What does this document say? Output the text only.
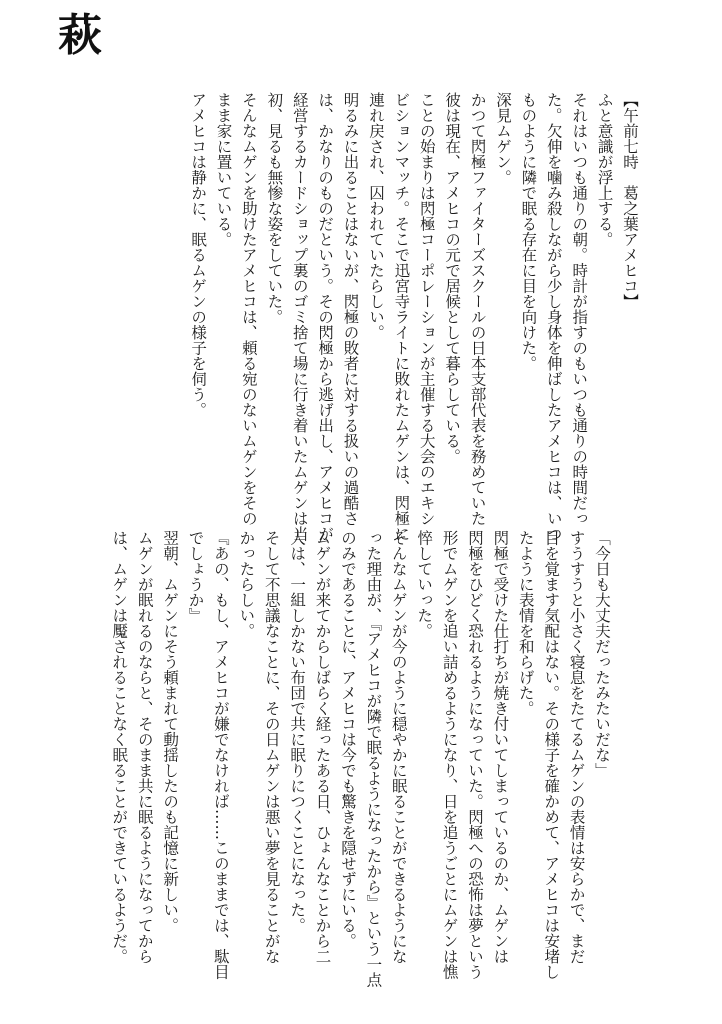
萩
【午前七時　葛之葉アメヒコ】
ふと意識が浮上する。
それはいつも通りの朝。時計が指すのもいつも通りの時間だっ
た。欠伸を噛み殺しながら少し身体を伸ばしたアメヒコは、いつ
ものように隣で眠る存在に目を向けた。
深見ムゲン。
かつて閃極ファイターズスクールの日本支部代表を務めていた
彼は現在、アメヒコの元で居候として暮らしている。
ことの始まりは閃極コーポレーションが主催する大会のエキシ
ビションマッチ。そこで迅宮寺ライトに敗れたムゲンは、閃極に
連れ戻され、囚われていたらしい。
明るみに出ることはないが、閃極の敗者に対する扱いの過酷さ
は、かなりのものだという。その閃極から逃げ出し、アメヒコが
経営するカードショップ裏のゴミ捨て場に行き着いたムゲンは当
初、見るも無惨な姿をしていた。
そんなムゲンを助けたアメヒコは、頼る宛のないムゲンをその
まま家に置いている。
アメヒコは静かに、眠るムゲンの様子を伺う。
「今日も大丈夫だったみたいだな」
すうすうと小さく寝息をたてるムゲンの表情は安らかで、まだ
目を覚ます気配はない。その様子を確かめて、アメヒコは安堵し
たように表情を和らげた。
閃極で受けた仕打ちが焼き付いてしまっているのか、ムゲンは
閃極をひどく恐れるようになっていた。閃極への恐怖は夢という
形でムゲンを追い詰めるようになり、日を追うごとにムゲンは憔
悴していった。
そんなムゲンが今のように穏やかに眠ることができるようにな
った理由が、『アメヒコが隣で眠るようになったから』という一点
のみであることに、アメヒコは今でも驚きを隠せずにいる。
ムゲンが来てからしばらく経ったある日、ひょんなことから二
人は、一組しかない布団で共に眠りにつくことになった。
そして不思議なことに、その日ムゲンは悪い夢を見ることがな
かったらしい。
『あの、もし、アメヒコが嫌でなければ……このままでは、駄目
でしょうか』
翌朝、ムゲンにそう頼まれて動揺したのも記憶に新しい。
ムゲンが眠れるのならと、そのまま共に眠るようになってから
は、ムゲンは魘されることなく眠ることができているようだ。
